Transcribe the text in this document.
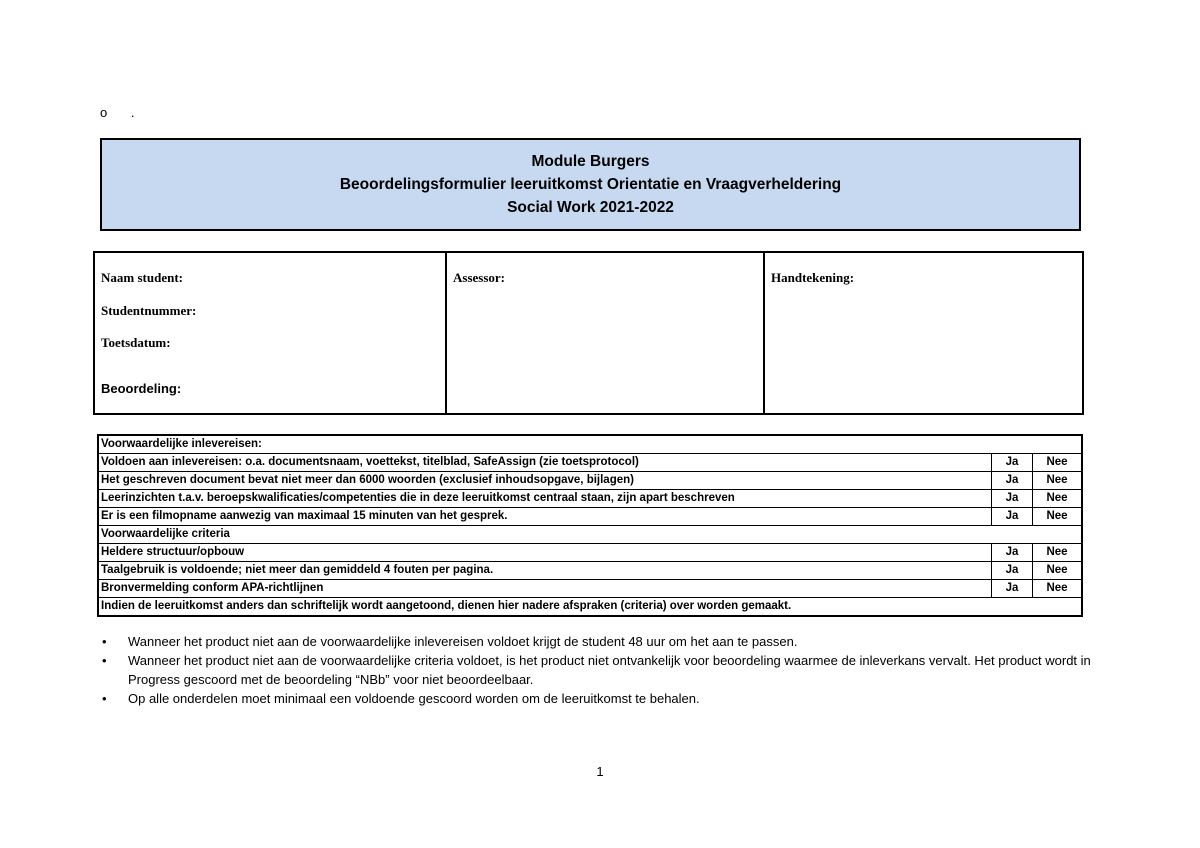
o .
Module Burgers
Beoordelingsformulier leeruitkomst Orientatie en Vraagverheldering
Social Work 2021-2022
Naam student:
Studentnummer:
Toetsdatum:
Beoordeling:

Assessor:	Handtekening:
Voorwaardelijke inlevereisen:		
Voldoen aan inlevereisen: o.a. documentsnaam, voettekst, titelblad, SafeAssign (zie toetsprotocol)	Ja	Nee
Het geschreven document bevat niet meer dan 6000 woorden (exclusief inhoudsopgave, bijlagen)	Ja	Nee
Leerinzichten t.a.v. beroepskwalificaties/competenties die in deze leeruitkomst centraal staan, zijn apart beschreven	Ja	Nee
Er is een filmopname aanwezig van maximaal 15 minuten van het gesprek.	Ja	Nee
Voorwaardelijke criteria		
Heldere structuur/opbouw	Ja	Nee
Taalgebruik is voldoende; niet meer dan gemiddeld 4 fouten per pagina.	Ja	Nee
Bronvermelding conform APA-richtlijnen	Ja	Nee
Indien de leeruitkomst anders dan schriftelijk wordt aangetoond, dienen hier nadere afspraken (criteria) over worden gemaakt.		
• Wanneer het product niet aan de voorwaardelijke inlevereisen voldoet krijgt de student 48 uur om het aan te passen.
• Wanneer het product niet aan de voorwaardelijke criteria voldoet, is het product niet ontvankelijk voor beoordeling waarmee de inleverkans vervalt. Het product wordt in Progress gescoord met de beoordeling “NBb” voor niet beoordeelbaar.
• Op alle onderdelen moet minimaal een voldoende gescoord worden om de leeruitkomst te behalen.
1
